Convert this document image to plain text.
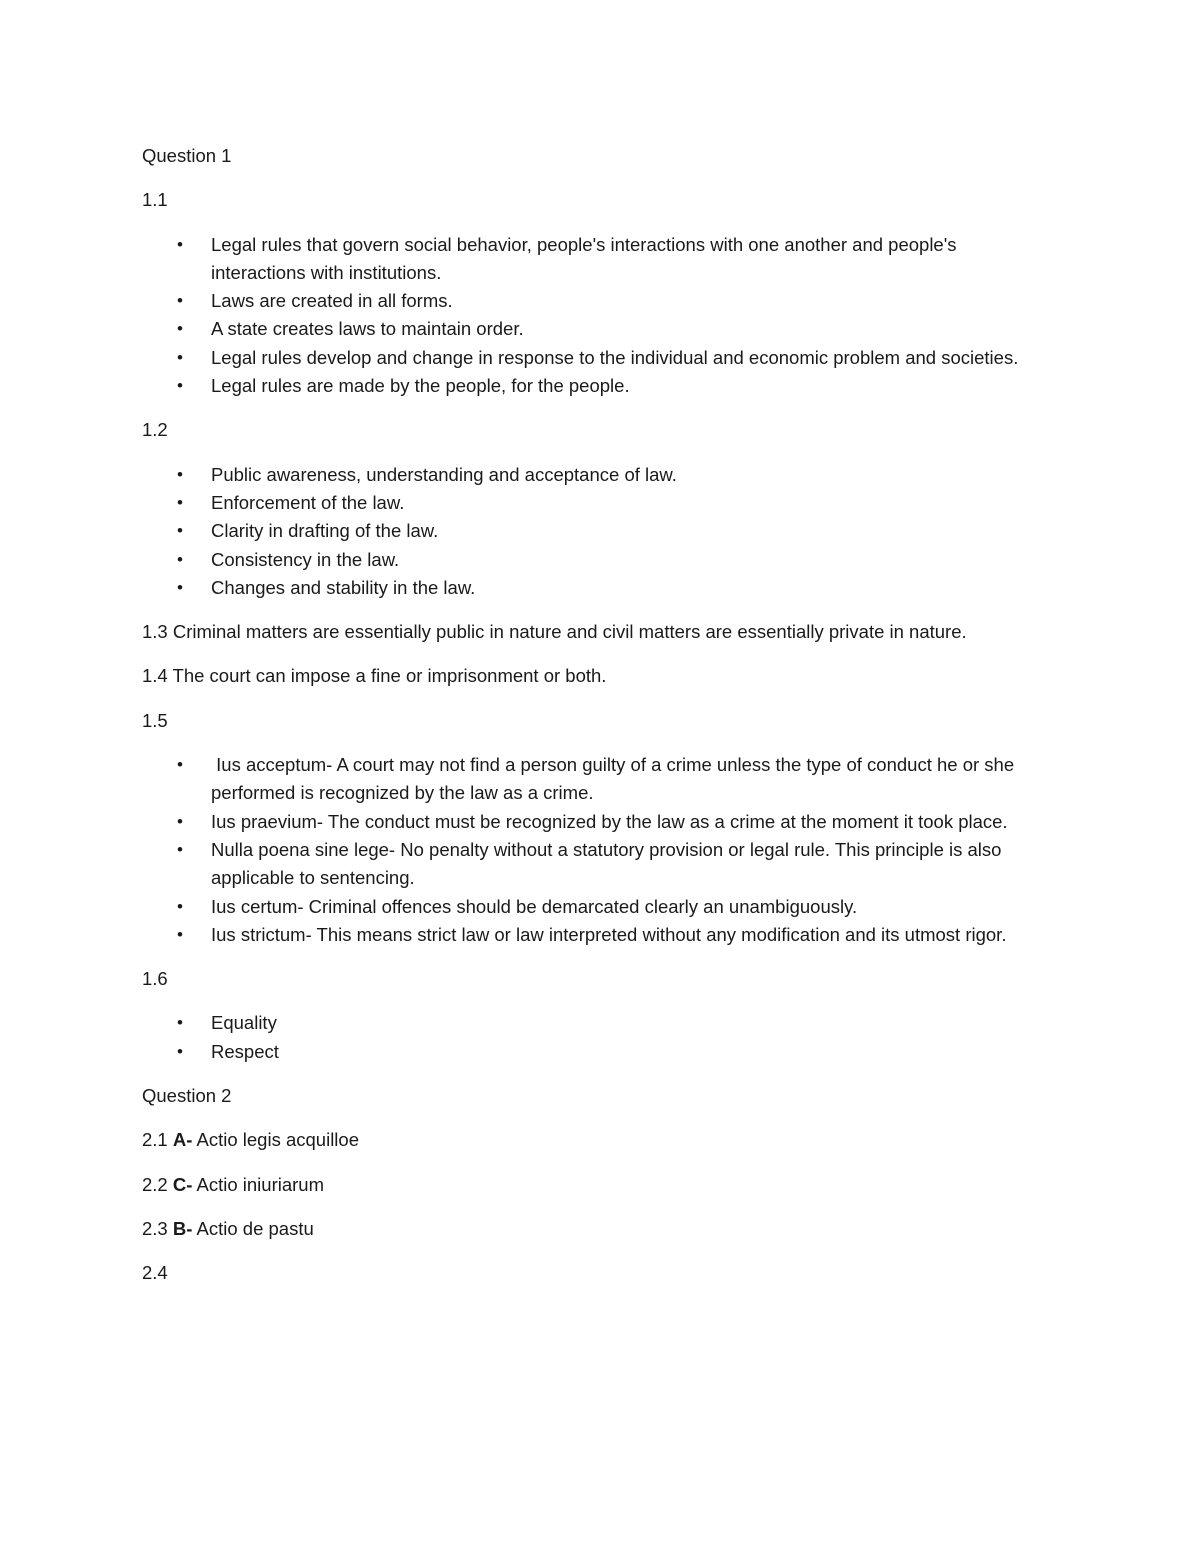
Question 1

1.1

•	Legal rules that govern social behavior, people's interactions with one another and people's interactions with institutions.
•	Laws are created in all forms.
•	A state creates laws to maintain order.
•	Legal rules develop and change in response to the individual and economic problem and societies.
•	Legal rules are made by the people, for the people.

1.2

•	Public awareness, understanding and acceptance of law.
•	Enforcement of the law.
•	Clarity in drafting of the law.
•	Consistency in the law.
•	Changes and stability in the law.

1.3 Criminal matters are essentially public in nature and civil matters are essentially private in nature.

1.4 The court can impose a fine or imprisonment or both.

1.5

•	Ius acceptum- A court may not find a person guilty of a crime unless the type of conduct he or she performed is recognized by the law as a crime.
•	Ius praevium- The conduct must be recognized by the law as a crime at the moment it took place.
•	Nulla poena sine lege- No penalty without a statutory provision or legal rule. This principle is also applicable to sentencing.
•	Ius certum- Criminal offences should be demarcated clearly an unambiguously.
•	Ius strictum- This means strict law or law interpreted without any modification and its utmost rigor.

1.6

•	Equality
•	Respect

Question 2

2.1 A- Actio legis acquilloe

2.2 C- Actio iniuriarum

2.3 B- Actio de pastu

2.4
